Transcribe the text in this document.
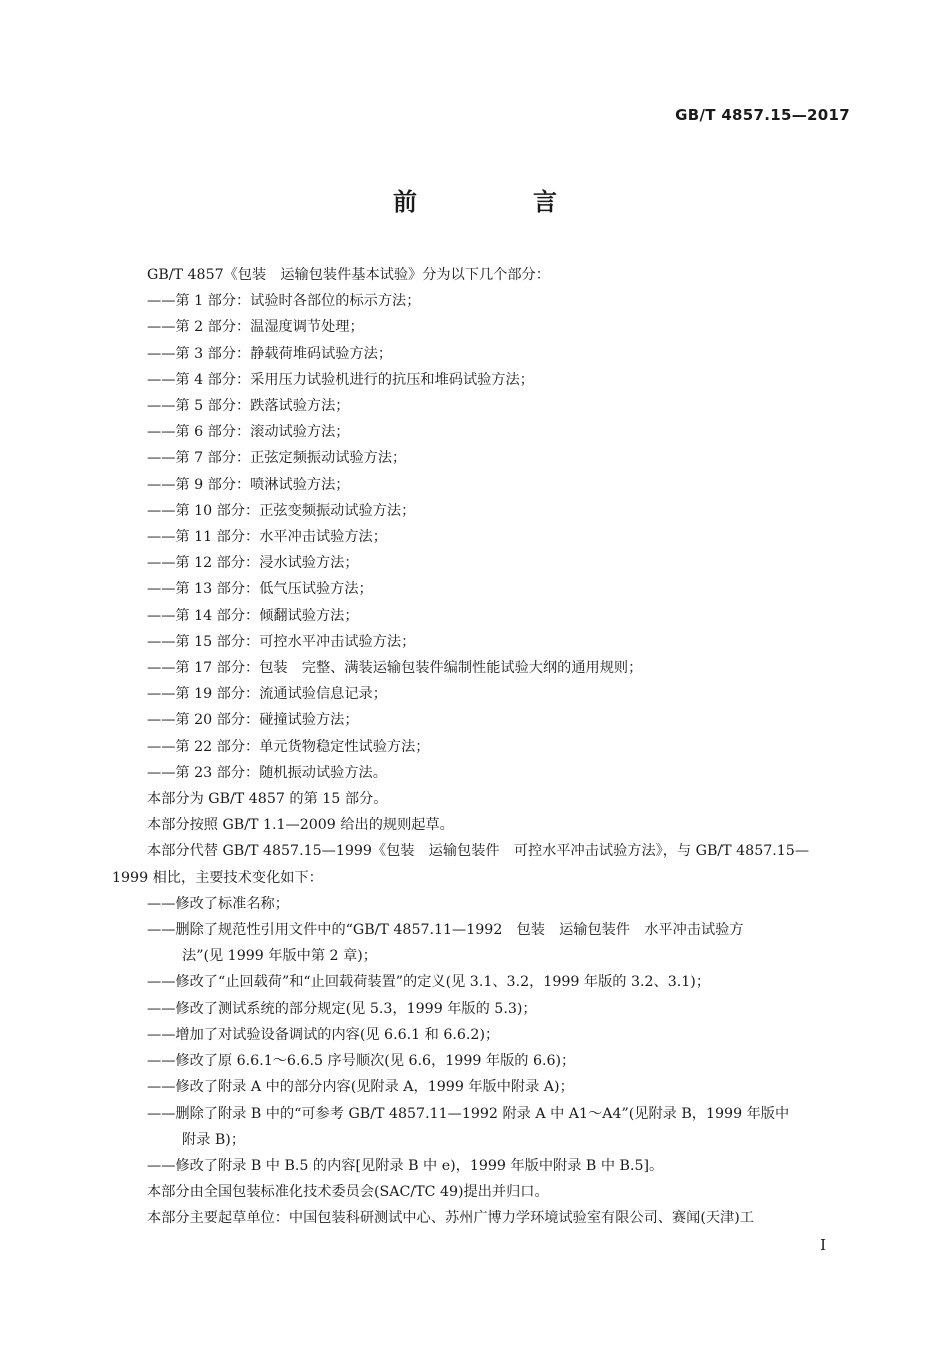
GB/T 4857.15—2017
前　言

GB/T 4857《包装　运输包装件基本试验》分为以下几个部分：

——第 1 部分：试验时各部位的标示方法；

——第 2 部分：温湿度调节处理；

——第 3 部分：静载荷堆码试验方法；

——第 4 部分：采用压力试验机进行的抗压和堆码试验方法；

——第 5 部分：跌落试验方法；

——第 6 部分：滚动试验方法；

——第 7 部分：正弦定频振动试验方法；

——第 9 部分：喷淋试验方法；

——第 10 部分：正弦变频振动试验方法；

——第 11 部分：水平冲击试验方法；

——第 12 部分：浸水试验方法；

——第 13 部分：低气压试验方法；

——第 14 部分：倾翻试验方法；

——第 15 部分：可控水平冲击试验方法；

——第 17 部分：包装　完整、满装运输包装件编制性能试验大纲的通用规则；

——第 19 部分：流通试验信息记录；

——第 20 部分：碰撞试验方法；

——第 22 部分：单元货物稳定性试验方法；

——第 23 部分：随机振动试验方法。

本部分为 GB/T 4857 的第 15 部分。

本部分按照 GB/T 1.1—2009 给出的规则起草。

本部分代替 GB/T 4857.15—1999《包装　运输包装件　可控水平冲击试验方法》，与 GB/T 4857.15—

1999 相比，主要技术变化如下：

——修改了标准名称；

——删除了规范性引用文件中的“GB/T 4857.11—1992　包装　运输包装件　水平冲击试验方

法”(见 1999 年版中第 2 章)；

——修改了“止回载荷”和“止回载荷装置”的定义(见 3.1、3.2，1999 年版的 3.2、3.1)；

——修改了测试系统的部分规定(见 5.3，1999 年版的 5.3)；

——增加了对试验设备调试的内容(见 6.6.1 和 6.6.2)；

——修改了原 6.6.1～6.6.5 序号顺次(见 6.6，1999 年版的 6.6)；

——修改了附录 A 中的部分内容(见附录 A，1999 年版中附录 A)；

——删除了附录 B 中的“可参考 GB/T 4857.11—1992 附录 A 中 A1～A4”(见附录 B，1999 年版中

附录 B)；

——修改了附录 B 中 B.5 的内容[见附录 B 中 e)，1999 年版中附录 B 中 B.5]。

本部分由全国包装标准化技术委员会(SAC/TC 49)提出并归口。

本部分主要起草单位：中国包装科研测试中心、苏州广博力学环境试验室有限公司、赛闻(天津)工

I
